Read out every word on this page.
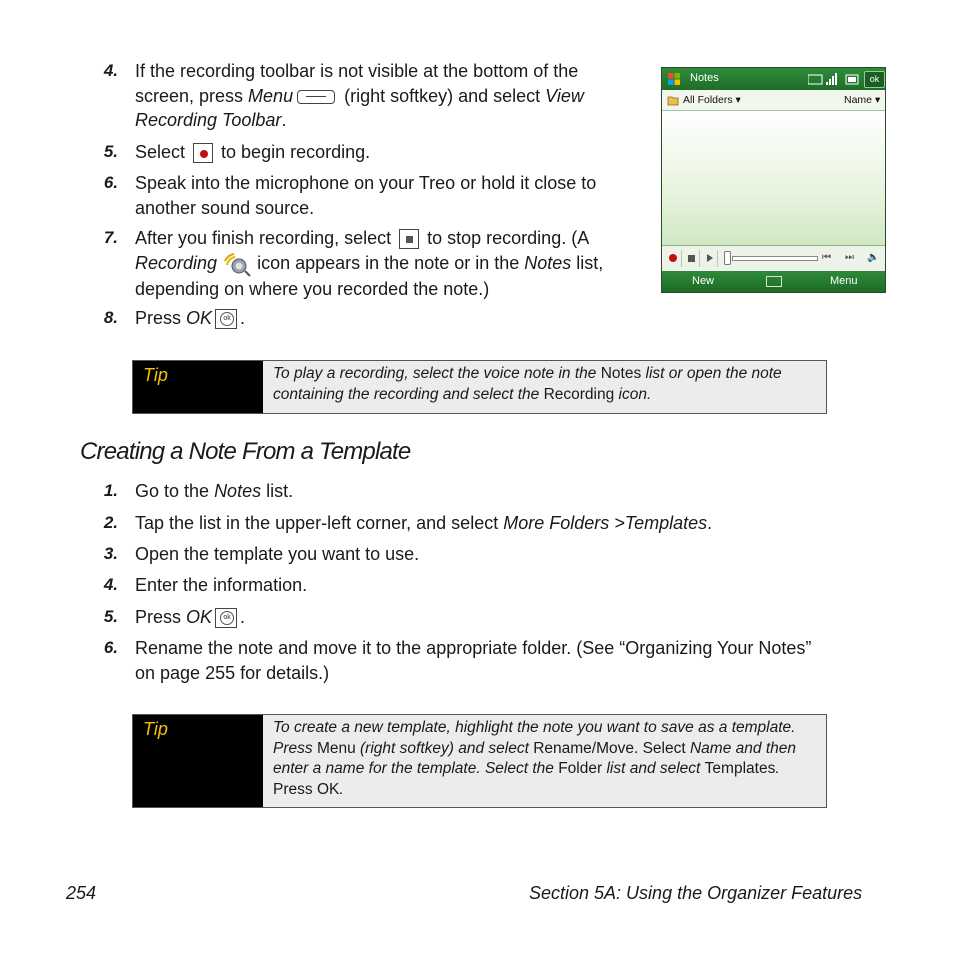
4. If the recording toolbar is not visible at the bottom of the
screen, press Menu	(right softkey) and select View
Recording Toolbar.
5. Select  to begin recording.
6. Speak into the microphone on your Treo or hold it close to
another sound source.
7. After you finish recording, select  to stop recording. (A
Recording  icon appears in the note or in the Notes list,
depending on where you recorded the note.)
8. Press OK ok .
Notes	ok
All Folders ▾	Name ▾
⏮ ⏭ 🔈
New	Menu
Tip	To play a recording, select the voice note in the Notes list or open the note containing the recording and select the Recording icon.
Creating a Note From a Template
1. Go to the Notes list.
2. Tap the list in the upper-left corner, and select More Folders >Templates.
3. Open the template you want to use.
4. Enter the information.
5. Press OK ok .
6. Rename the note and move it to the appropriate folder. (See “Organizing Your Notes”
on page 255 for details.)
Tip	To create a new template, highlight the note you want to save as a template. Press Menu (right softkey) and select Rename/Move. Select Name and then enter a name for the template. Select the Folder list and select Templates. Press OK.
254	Section 5A: Using the Organizer Features
